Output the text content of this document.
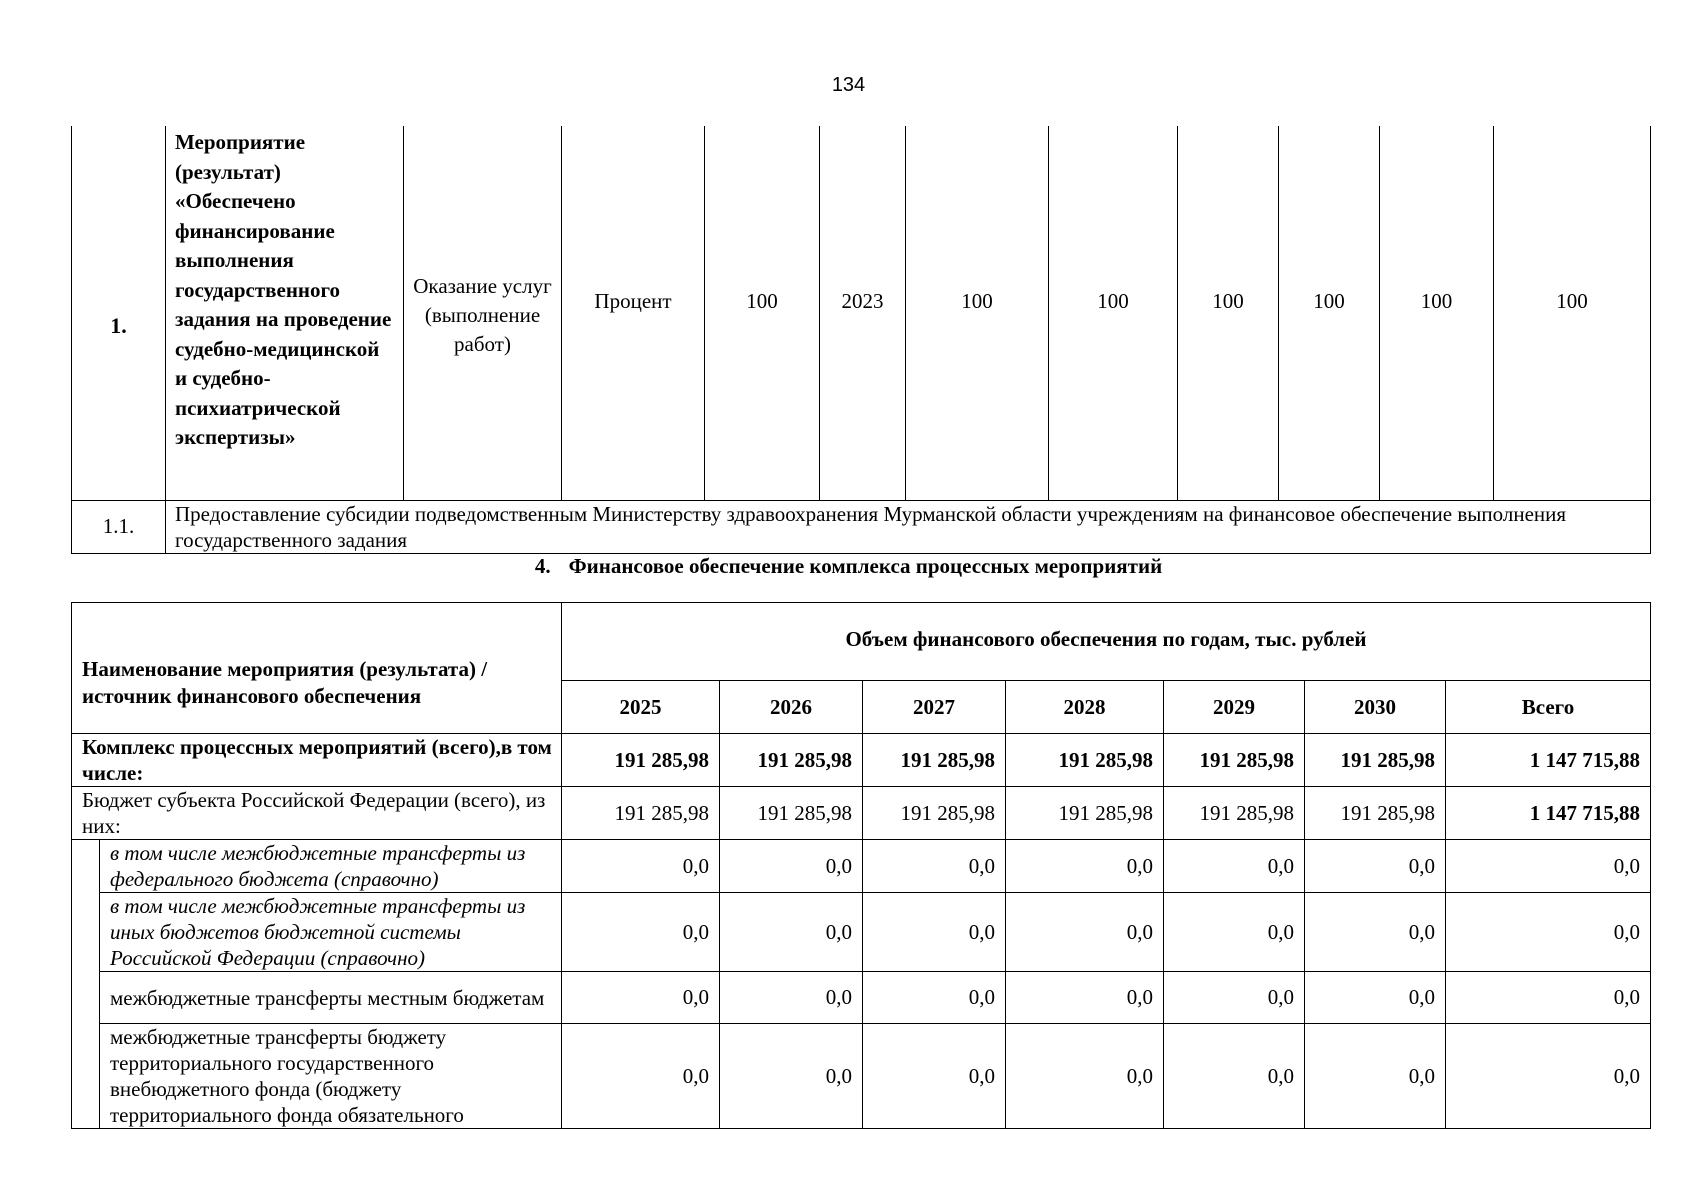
134
1.	Мероприятие (результат) «Обеспечено финансирование выполнения государственного задания на проведение судебно-медицинской и судебно-психиатрической экспертизы»	Оказание услуг (выполнение работ)	Процент	100	2023	100	100	100	100	100	100
1.1.	Предоставление субсидии подведомственным Министерству здравоохранения Мурманской области учреждениям на финансовое обеспечение выполнения государственного задания										
4. Финансовое обеспечение комплекса процессных мероприятий
Наименование мероприятия (результата) /источник финансового обеспечения		Объем финансового обеспечения по годам, тыс. рублей						
		2025	2026	2027	2028	2029	2030	Всего
Комплекс процессных мероприятий (всего),в том числе:		191 285,98	191 285,98	191 285,98	191 285,98	191 285,98	191 285,98	1 147 715,88
Бюджет субъекта Российской Федерации (всего), из них:		191 285,98	191 285,98	191 285,98	191 285,98	191 285,98	191 285,98	1 147 715,88
	в том числе межбюджетные трансферты из федерального бюджета (справочно)	0,0	0,0	0,0	0,0	0,0	0,0	0,0
	в том числе межбюджетные трансферты из иных бюджетов бюджетной системы Российской Федерации (справочно)	0,0	0,0	0,0	0,0	0,0	0,0	0,0
	межбюджетные трансферты местным бюджетам	0,0	0,0	0,0	0,0	0,0	0,0	0,0
	межбюджетные трансферты бюджету территориального государственного внебюджетного фонда (бюджету территориального фонда обязательного	0,0	0,0	0,0	0,0	0,0	0,0	0,0
